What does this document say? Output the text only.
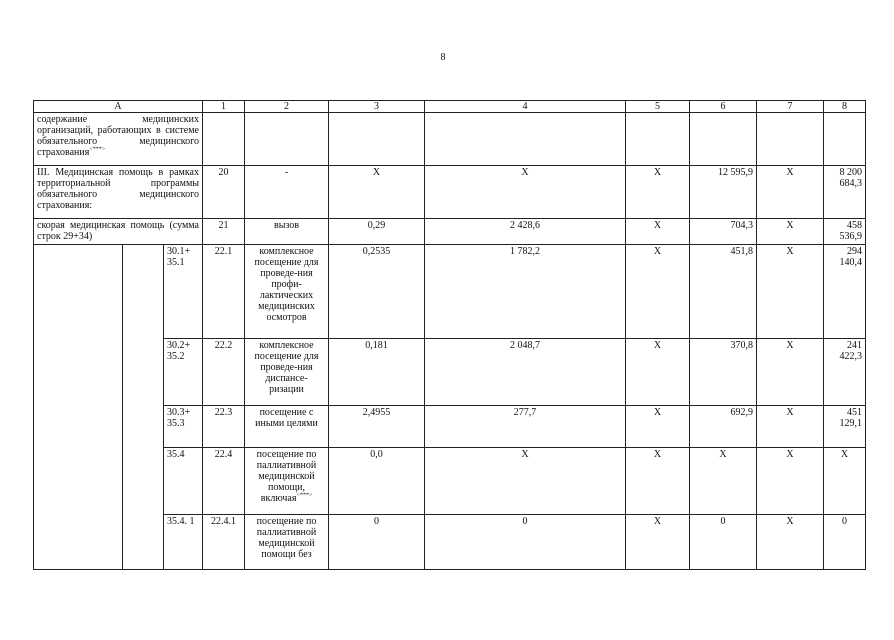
8
А			1	2	3	4	5	6	7	8	
содержание медицинских организаций, работающих в системе обязательного медицинского страхования<***>									
III. Медицинская помощь в рамках территориальной программы обязательного медицинского страхования:			20	-	X	X	X	12 595,9	X	8 200 684,3	
скорая медицинская помощь (сумма строк 29+34)			21	вызов	0,29	2 428,6	X	704,3	X	458 536,9	
		30.1+ 35.1	22.1	комплексное посещение для проведе-ния профи-лактических медицинских осмотров	0,2535	1 782,2	X	451,8	X	294 140,4	
		30.2+ 35.2	22.2	комплексное посещение для проведе-ния диспансе-ризации	0,181	2 048,7	X	370,8	X	241 422,3	
		30.3+ 35.3	22.3	посещение с иными целями	2,4955	277,7	X	692,9	X	451 129,1	
		35.4	22.4	посещение по паллиативной медицинской помощи, включая<***>	0,0	X	X	X	X	X	
		35.4. 1	22.4.1	посещение по паллиативной медицинской помощи без	0	0	X	0	X	0	
